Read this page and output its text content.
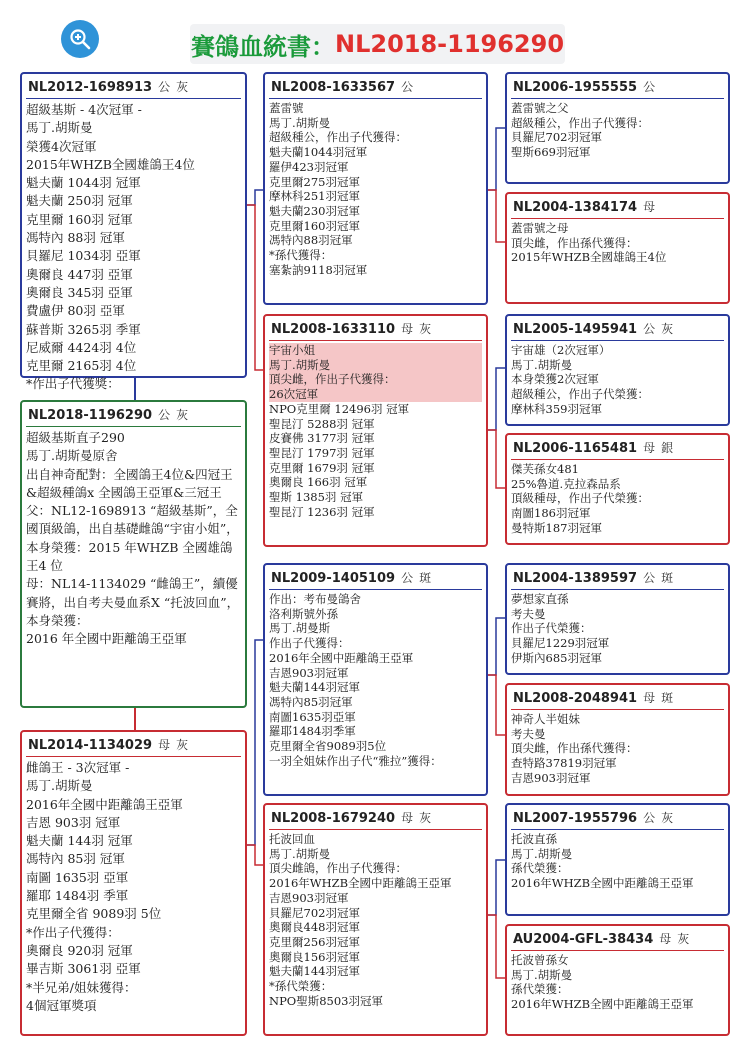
賽鴿血統書： NL2018-1196290
NL2012-1698913 公 灰
超級基斯 - 4次冠軍 -
馬丁.胡斯曼
榮獲4次冠軍
2015年WHZB全國雄鴿王4位
魁夫蘭 1044羽 冠軍
魁夫蘭 250羽 冠軍
克里爾 160羽 冠軍
馮特內 88羽 冠軍
貝羅尼 1034羽 亞軍
奧爾良 447羽 亞軍
奧爾良 345羽 亞軍
費盧伊 80羽 亞軍
蘇普斯 3265羽 季軍
尼威爾 4424羽 4位
克里爾 2165羽 4位
*作出子代獲獎：
NL2018-1196290 公 灰
超級基斯直子290
馬丁.胡斯曼原舍
出自神奇配對：全國鴿王4位&四冠王&超級種鴿x 全國鴿王亞軍&三冠王
父：NL12-1698913 “超級基斯”，全國頂級鴿，出自基礎雌鴿“宇宙小姐”，本身榮獲：2015 年WHZB 全國雄鴿王4 位
母：NL14-1134029 “雌鴿王”，續優賽將，出自考夫曼血系X “托波回血”，本身榮獲：
2016 年全國中距離鴿王亞軍
NL2014-1134029 母 灰
雌鴿王 - 3次冠軍 -
馬丁.胡斯曼
2016年全國中距離鴿王亞軍
吉恩 903羽 冠軍
魁夫蘭 144羽 冠軍
馮特內 85羽 冠軍
南圖 1635羽 亞軍
羅耶 1484羽 季軍
克里爾全省 9089羽 5位
*作出子代獲得：
奧爾良 920羽 冠軍
畢吉斯 3061羽 亞軍
*半兄弟/姐妹獲得：
4個冠軍獎項
NL2008-1633567 公
蓋雷號
馬丁.胡斯曼
超級種公，作出子代獲得：
魁夫蘭1044羽冠軍
羅伊423羽冠軍
克里爾275羽冠軍
摩林科251羽冠軍
魁夫蘭230羽冠軍
克里爾160羽冠軍
馮特內88羽冠軍
*孫代獲得：
塞紮訥9118羽冠軍
NL2008-1633110 母 灰
宇宙小姐
馬丁.胡斯曼
頂尖雌，作出子代獲得：
26次冠軍
NPO克里爾 12496羽 冠軍
聖昆汀 5288羽 冠軍
皮賽佛 3177羽 冠軍
聖昆汀 1797羽 冠軍
克里爾 1679羽 冠軍
奧爾良 166羽 冠軍
聖斯 1385羽 冠軍
聖昆汀 1236羽 冠軍
NL2009-1405109 公 斑
作出：考布曼鴿舍
洛利斯號外孫
馬丁.胡曼斯
作出子代獲得：
2016年全國中距離鴿王亞軍
吉恩903羽冠軍
魁夫蘭144羽冠軍
馮特內85羽冠軍
南圖1635羽亞軍
羅耶1484羽季軍
克里爾全省9089羽5位
一羽全姐妹作出子代“雅拉”獲得：
NL2008-1679240 母 灰
托波回血
馬丁.胡斯曼
頂尖雌鴿，作出子代獲得：
2016年WHZB全國中距離鴿王亞軍
吉恩903羽冠軍
貝羅尼702羽冠軍
奧爾良448羽冠軍
克里爾256羽冠軍
奧爾良156羽冠軍
魁夫蘭144羽冠軍
*孫代榮獲：
NPO聖斯8503羽冠軍
NL2006-1955555 公
蓋雷號之父
超級種公，作出子代獲得：
貝羅尼702羽冠軍
聖斯669羽冠軍
NL2004-1384174 母
蓋雷號之母
頂尖雌，作出孫代獲得：
2015年WHZB全國雄鴿王4位
NL2005-1495941 公 灰
宇宙雄（2次冠軍）
馬丁.胡斯曼
本身榮獲2次冠軍
超級種公，作出子代榮獲：
摩林科359羽冠軍
NL2006-1165481 母 銀
傑芙孫女481
25%魯道.克拉森品系
頂級種母，作出子代榮獲：
南圖186羽冠軍
曼特斯187羽冠軍
NL2004-1389597 公 斑
夢想家直孫
考夫曼
作出子代榮獲：
貝羅尼1229羽冠軍
伊斯內685羽冠軍
NL2008-2048941 母 斑
神奇人半姐妹
考夫曼
頂尖雌，作出孫代獲得：
查特路37819羽冠軍
吉恩903羽冠軍
NL2007-1955796 公 灰
托波直孫
馬丁.胡斯曼
孫代榮獲：
2016年WHZB全國中距離鴿王亞軍
AU2004-GFL-38434 母 灰
托波曾孫女
馬丁.胡斯曼
孫代榮獲：
2016年WHZB全國中距離鴿王亞軍
